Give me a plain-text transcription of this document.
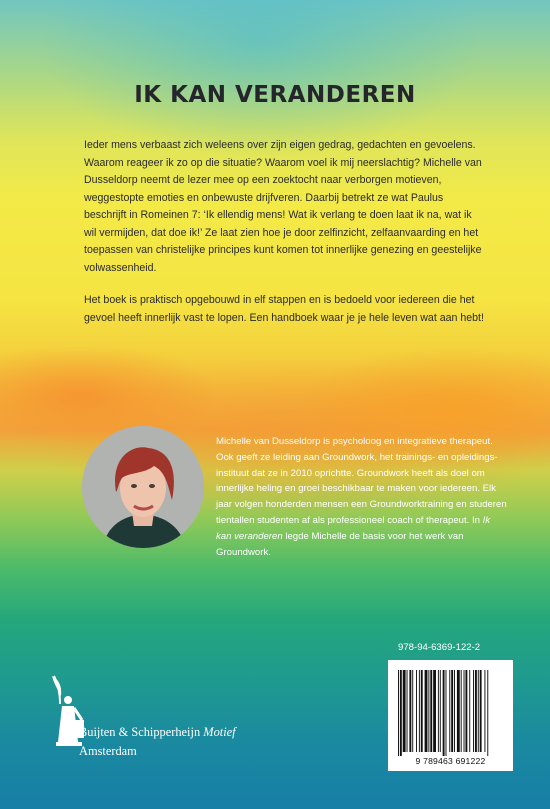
IK KAN VERANDEREN

Ieder mens verbaast zich weleens over zijn eigen gedrag, gedachten en gevoelens. Waarom reageer ik zo op die situatie? Waarom voel ik mij neerslachtig? Michelle van Dusseldorp neemt de lezer mee op een zoektocht naar verborgen motieven, weggestopte emoties en onbewuste drijfveren. Daarbij betrekt ze wat Paulus beschrijft in Romeinen 7: ‘Ik ellendig mens! Wat ik verlang te doen laat ik na, wat ik wil vermijden, dat doe ik!’ Ze laat zien hoe je door zelfinzicht, zelfaanvaarding en het toepassen van christelijke principes kunt komen tot innerlijke genezing en geestelijke volwassenheid.

Het boek is praktisch opgebouwd in elf stappen en is bedoeld voor iedereen die het gevoel heeft innerlijk vast te lopen. Een handboek waar je je hele leven wat aan hebt!

Michelle van Dusseldorp is psycholoog en integratieve therapeut. Ook geeft ze leiding aan Groundwork, het trainings- en opleidings-instituut dat ze in 2010 oprichtte. Groundwork heeft als doel om innerlijke heling en groei beschikbaar te maken voor iedereen. Elk jaar volgen honderden mensen een Groundworktraining en studeren tientallen studenten af als professioneel coach of therapeut. In Ik kan veranderen legde Michelle de basis voor het werk van Groundwork.

Buijten & Schipperheijn Motief
Amsterdam
978-94-6369-122-2
9 789463 691222
